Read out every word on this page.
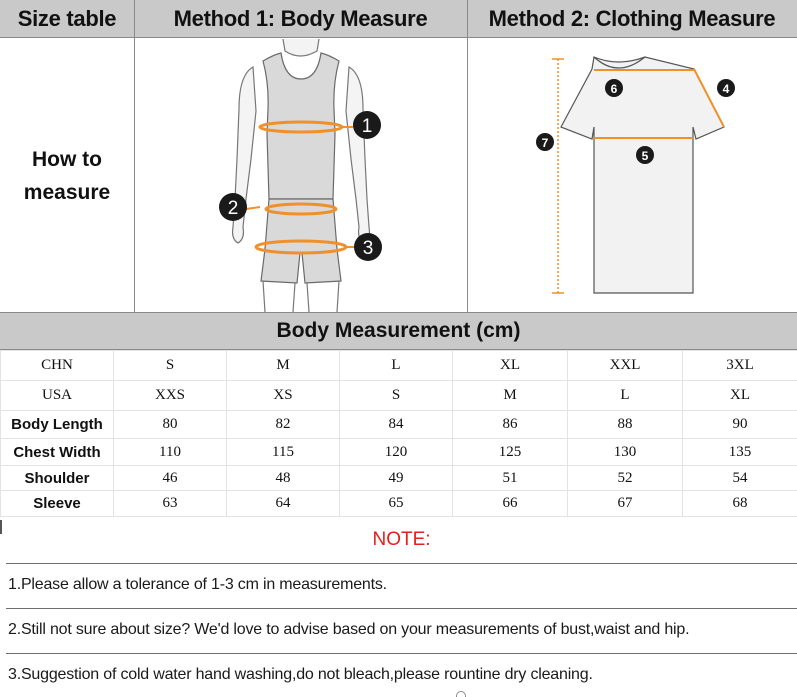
Size table	Method 1: Body Measure	Method 2: Clothing Measure
How to
measure
1
2
3
6	4
7
5
Body Measurement (cm)
CHN	S	M	L	XL	XXL	3XL
USA	XXS	XS	S	M	L	XL
Body Length	80	82	84	86	88	90
Chest Width	110	115	120	125	130	135
Shoulder	46	48	49	51	52	54
Sleeve	63	64	65	66	67	68
NOTE:
1.Please allow a tolerance of 1-3 cm in measurements.
2.Still not sure about size? We'd love to advise based on your measurements of bust,waist and hip.
3.Suggestion of cold water hand washing,do not bleach,please rountine dry cleaning.
